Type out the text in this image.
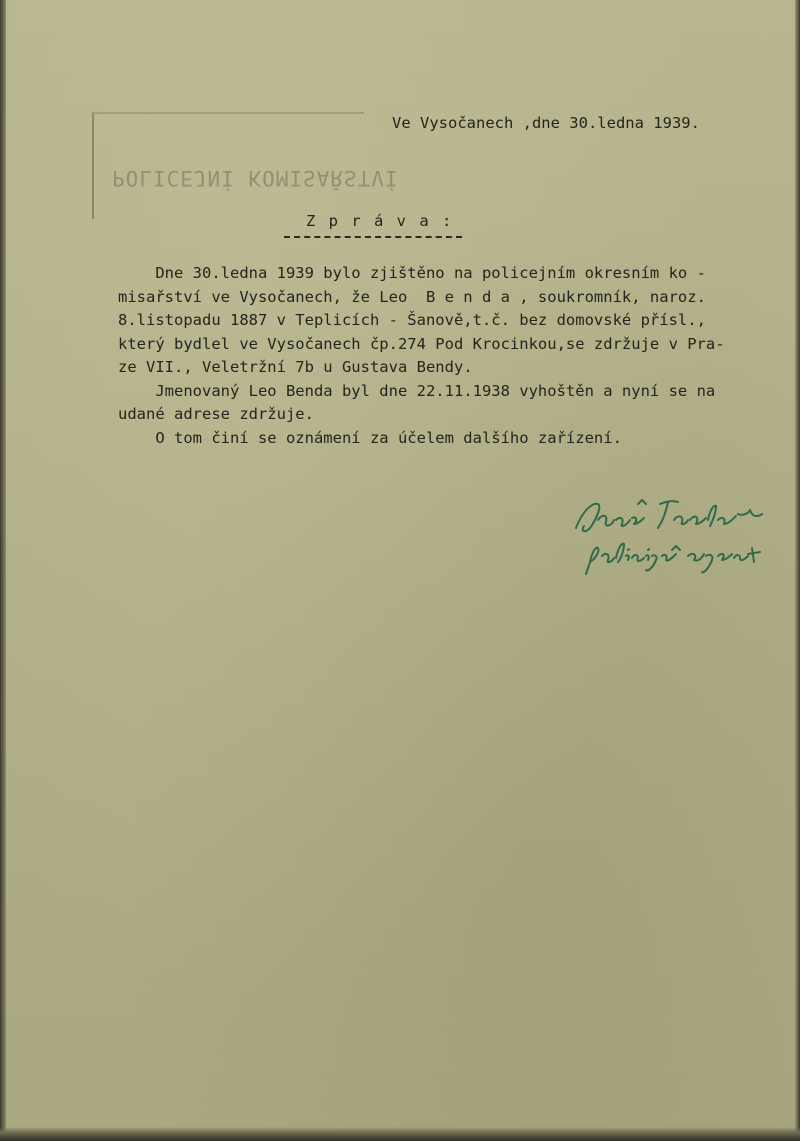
POLICEJNÍ KOMISAŘSTVÍ
Ve Vysočanech ,dne 30.ledna 1939.
Z p r á v a :
Dne 30.ledna 1939 bylo zjištěno na policejním okresním ko -
misařství ve Vysočanech, že Leo  B e n d a , soukromník, naroz.
8.listopadu 1887 v Teplicích - Šanově,t.č. bez domovské přísl.,
který bydlel ve Vysočanech čp.274 Pod Krocinkou,se zdržuje v Pra-
ze VII., Veletržní 7b u Gustava Bendy.
Jmenovaný Leo Benda byl dne 22.11.1938 vyhoštěn a nyní se na
udané adrese zdržuje.
O tom činí se oznámení za účelem dalšího zařízení.
